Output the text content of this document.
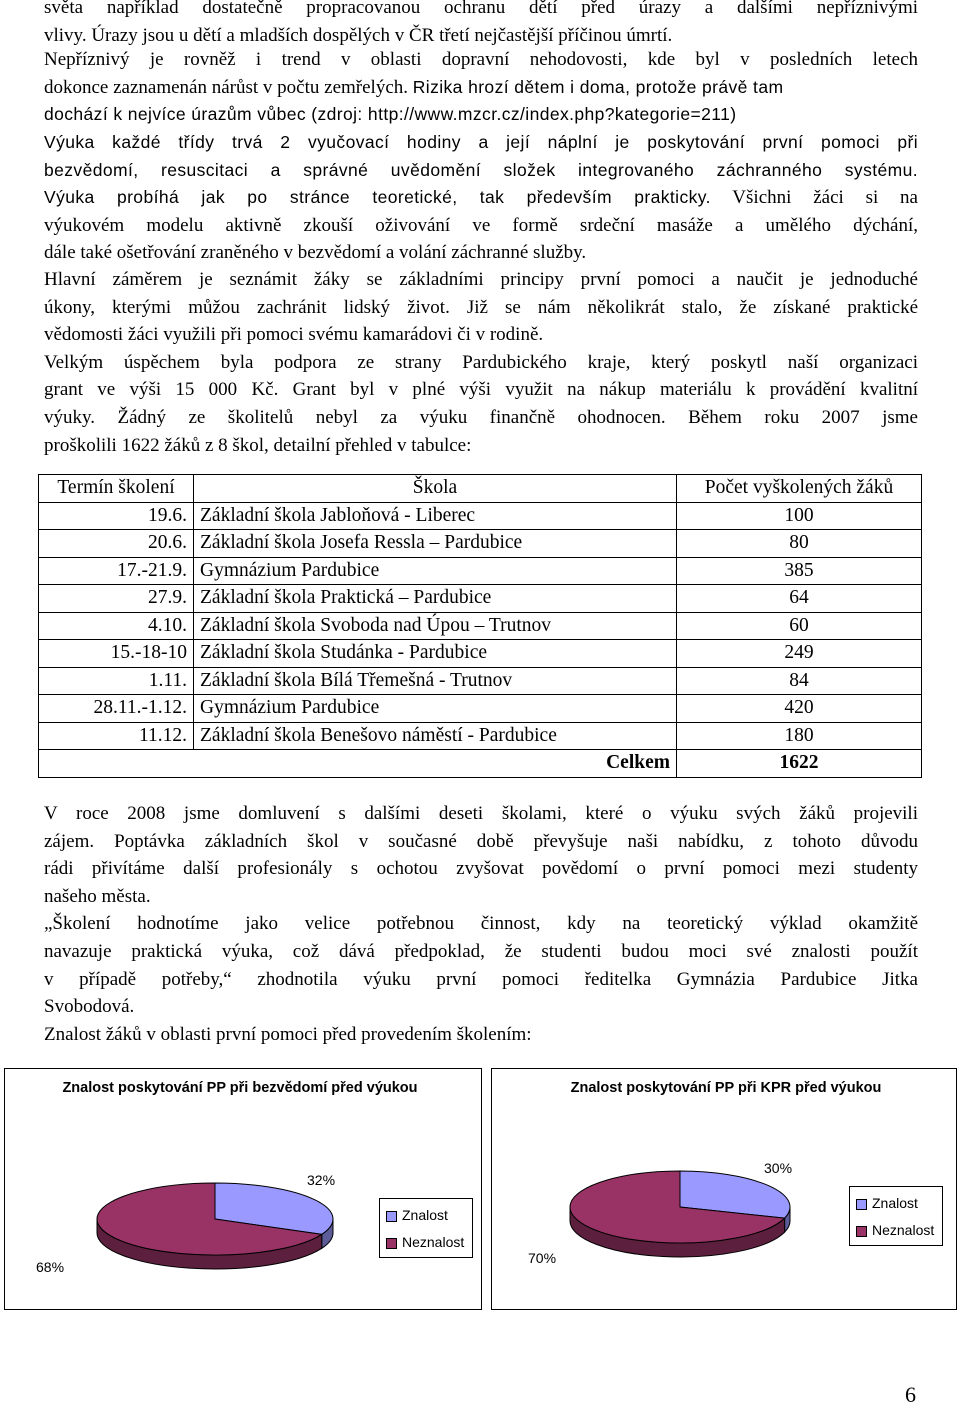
světa například dostatečně propracovanou ochranu dětí před úrazy a dalšími nepříznivými
vlivy. Úrazy jsou u dětí a mladších dospělých v ČR třetí nejčastější příčinou úmrtí.
Nepříznivý je rovněž i trend v oblasti dopravní nehodovosti, kde byl v posledních letech
dokonce zaznamenán nárůst v počtu zemřelých. Rizika hrozí dětem i doma, protože právě tam
dochází k nejvíce úrazům vůbec (zdroj: http://www.mzcr.cz/index.php?kategorie=211)
Výuka každé třídy trvá 2 vyučovací hodiny a její náplní je poskytování první pomoci při
bezvědomí, resuscitaci a správné uvědomění složek integrovaného záchranného systému.
Výuka probíhá jak po stránce teoretické, tak především prakticky. Všichni žáci si na
výukovém modelu aktivně zkouší oživování ve formě srdeční masáže a umělého dýchání,
dále také ošetřování zraněného v bezvědomí a volání záchranné služby.
Hlavní záměrem je seznámit žáky se základními principy první pomoci a naučit je jednoduché
úkony, kterými můžou zachránit lidský život. Již se nám několikrát stalo, že získané praktické
vědomosti žáci využili při pomoci svému kamarádovi či v rodině.
Velkým úspěchem byla podpora ze strany Pardubického kraje, který poskytl naší organizaci
grant ve výši 15 000 Kč. Grant byl v plné výši využit na nákup materiálu k provádění kvalitní
výuky. Žádný ze školitelů nebyl za výuku finančně ohodnocen. Během roku 2007 jsme
proškolili 1622 žáků z 8 škol, detailní přehled v tabulce:
Termín školení	Škola	Počet vyškolených žáků
19.6.	Základní škola Jabloňová - Liberec	100
20.6.	Základní škola Josefa Ressla – Pardubice	80
17.-21.9.	Gymnázium Pardubice	385
27.9.	Základní škola Praktická – Pardubice	64
4.10.	Základní škola Svoboda nad Úpou – Trutnov	60
15.-18-10	Základní škola Studánka - Pardubice	249
1.11.	Základní škola Bílá Třemešná - Trutnov	84
28.11.-1.12.	Gymnázium Pardubice	420
11.12.	Základní škola Benešovo náměstí - Pardubice	180
	Celkem	1622
V roce 2008 jsme domluvení s dalšími deseti školami, které o výuku svých žáků projevili
zájem. Poptávka základních škol v současné době převyšuje naši nabídku, z tohoto důvodu
rádi přivítáme další profesionály s ochotou zvyšovat povědomí o první pomoci mezi studenty
našeho města.
„Školení hodnotíme jako velice potřebnou činnost, kdy na teoretický výklad okamžitě
navazuje praktická výuka, což dává předpoklad, že studenti budou moci své znalosti použít
v případě potřeby,“ zhodnotila výuku první pomoci ředitelka Gymnázia Pardubice Jitka
Svobodová.
Znalost žáků v oblasti první pomoci před provedením školením:
Znalost poskytování PP při bezvědomí před výukou
32%
68%
Znalost
Neznalost
Znalost poskytování PP při KPR před výukou
30%
70%
Znalost
Neznalost
6
